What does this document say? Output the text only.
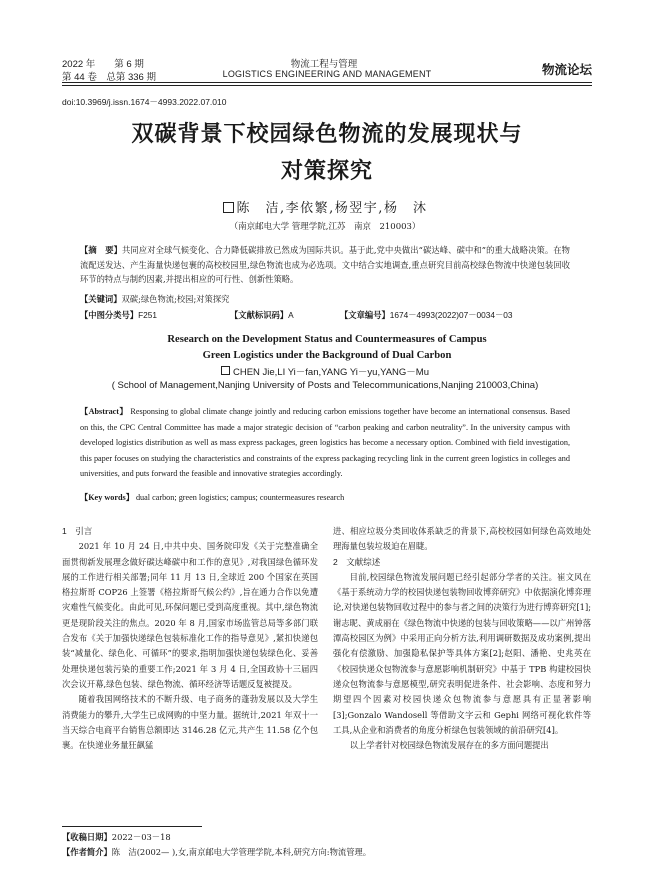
2022 年　　第 6 期
第 44 卷　总第 336 期
物流工程与管理
LOGISTICS ENGINEERING AND MANAGEMENT	物流论坛
doi:10.3969/j.issn.1674－4993.2022.07.010
双碳背景下校园绿色物流的发展现状与
对策探究
陈　洁,李依繁,杨翌宇,杨　沐
（南京邮电大学 管理学院,江苏　南京　210003）
【摘　要】共同应对全球气候变化、合力降低碳排放已然成为国际共识。基于此,党中央做出“碳达峰、碳中和”的重大战略决策。在物流配送发达、产生海量快递包裹的高校校园里,绿色物流也成为必选项。文中结合实地调查,重点研究目前高校绿色物流中快递包装回收环节的特点与制约因素,并提出相应的可行性、创新性策略。
【关键词】双碳;绿色物流;校园;对策探究
【中图分类号】F251	【文献标识码】A	【文章编号】1674－4993(2022)07－0034－03
Research on the Development Status and Countermeasures of Campus
Green Logistics under the Background of Dual Carbon
CHEN Jie,LI Yi－fan,YANG Yi－yu,YANG－Mu
( School of Management,Nanjing University of Posts and Telecommunications,Nanjing 210003,China)
【Abstract】 Responsing to global climate change jointly and reducing carbon emissions together have become an international consensus. Based on this, the CPC Central Committee has made a major strategic decision of “carbon peaking and carbon neutrality”. In the university campus with developed logistics distribution as well as mass express packages, green logistics has become a necessary option. Combined with field investigation, this paper focuses on studying the characteristics and constraints of the express packaging recycling link in the current green logistics in colleges and universities, and puts forward the feasible and innovative strategies accordingly.
【Key words】 dual carbon; green logistics; campus; countermeasures research
1　引言

2021 年 10 月 24 日,中共中央、国务院印发《关于完整准确全面贯彻新发展理念做好碳达峰碳中和工作的意见》,对我国绿色循环发展的工作进行相关部署;同年 11 月 13 日,全球近 200 个国家在英国格拉斯哥 COP26 上签署《格拉斯哥气候公约》,旨在通力合作以免遭灾难性气候变化。由此可见,环保问题已受到高度重视。其中,绿色物流更是现阶段关注的焦点。2020 年 8 月,国家市场监管总局等多部门联合发布《关于加强快递绿色包装标准化工作的指导意见》,紧扣快递包装“减量化、绿色化、可循环”的要求,指明加强快递包装绿色化、妥善处理快递包装污染的重要工作;2021 年 3 月 4 日,全国政协十三届四次会议开幕,绿色包装、绿色物流、循环经济等话题反复被提及。

随着我国网络技术的不断升级、电子商务的蓬勃发展以及大学生消费能力的攀升,大学生已成网购的中坚力量。据统计,2021 年双十一当天综合电商平台销售总额即达 3146.28 亿元,共产生 11.58 亿个包裹。在快递业务量狂飙猛

进、相应垃圾分类回收体系缺乏的背景下,高校校园如何绿色高效地处理海量包装垃圾迫在眉睫。

2　文献综述

目前,校园绿色物流发展问题已经引起部分学者的关注。崔文风在《基于系统动力学的校园快递包装物回收博弈研究》中依据演化博弈理论,对快递包装物回收过程中的参与者之间的决策行为进行博弈研究[1];谢志昵、黄成丽在《绿色物流中快递的包装与回收策略——以广州钟落潭高校园区为例》中采用正向分析方法,利用调研数据及成功案例,提出强化有偿激励、加强隐私保护等具体方案[2];赵阳、潘艳、史兆英在《校园快递众包物流参与意愿影响机制研究》中基于 TPB 构建校园快递众包物流参与意愿模型,研究表明促进条件、社会影响、态度和努力期望四个因素对校园快递众包物流参与意愿具有正显著影响[3];Gonzalo Wandosell 等借助文字云和 Gephi 网络可视化软件等工具,从企业和消费者的角度分析绿色包装领域的前沿研究[4]。

以上学者针对校园绿色物流发展存在的多方面问题提出

【收稿日期】2022－03－18
【作者简介】陈　洁(2002— ),女,南京邮电大学管理学院,本科,研究方向:物流管理。
